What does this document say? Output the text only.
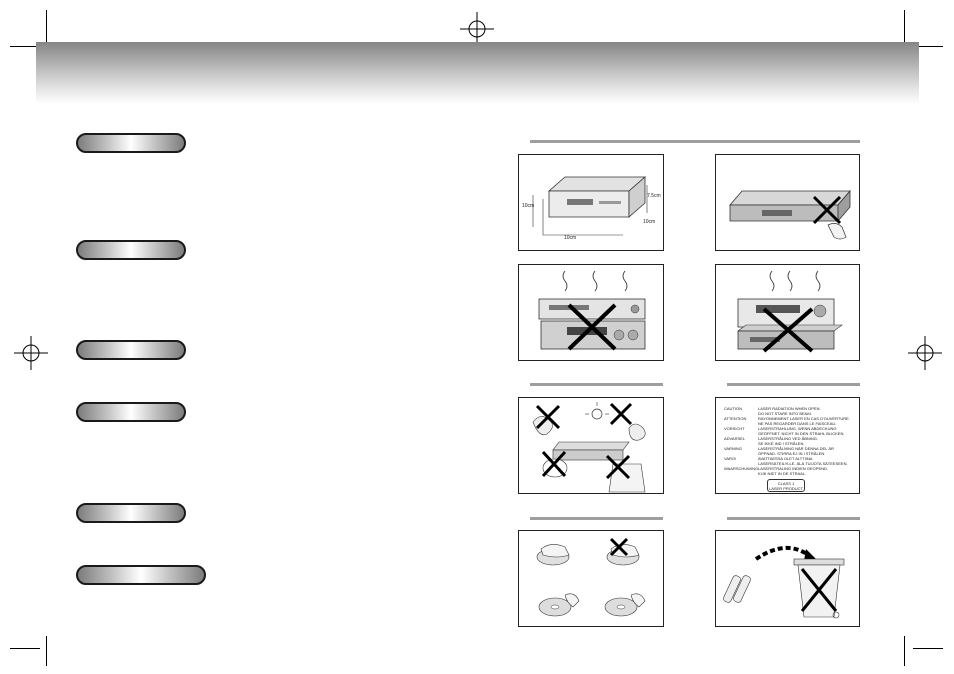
10cm
7.5cm
10cm
10cm
CAUTION	LASER RADIATION WHEN OPEN.
DO NOT STARE INTO BEAM.
ATTENTION	RAYONNEMENT LASER EN CAS D'OUVERTURE.
NE PAS REGARDER DANS LE FAISCEAU.
VORSICHT	LASERSTRAHLUNG, WENN ABDECKUNG
GEÖFFNET. NICHT IN DEN STRAHL BLICKEN.
ADVARSEL	LASERSTRÅLING VED ÅBNING.
SE IKKE IND I STRÅLEN.
VARNING	LASERSTRÅLNING NÄR DENNA DEL ÄR
ÖPPNAD. STIRRA EJ IN I STRÅLEN.
VARO!	AVATTAESSA OLET ALTTIINA
LASERSÄTEILYLLE. ÄLÄ TUIJOTA SÄTEESEEN.
WAARSCHUWING LASERSTRALING INDIEN GEOPEND.
KIJK NIET IN DE STRAAL.
CLASS 1
LASER PRODUCT
